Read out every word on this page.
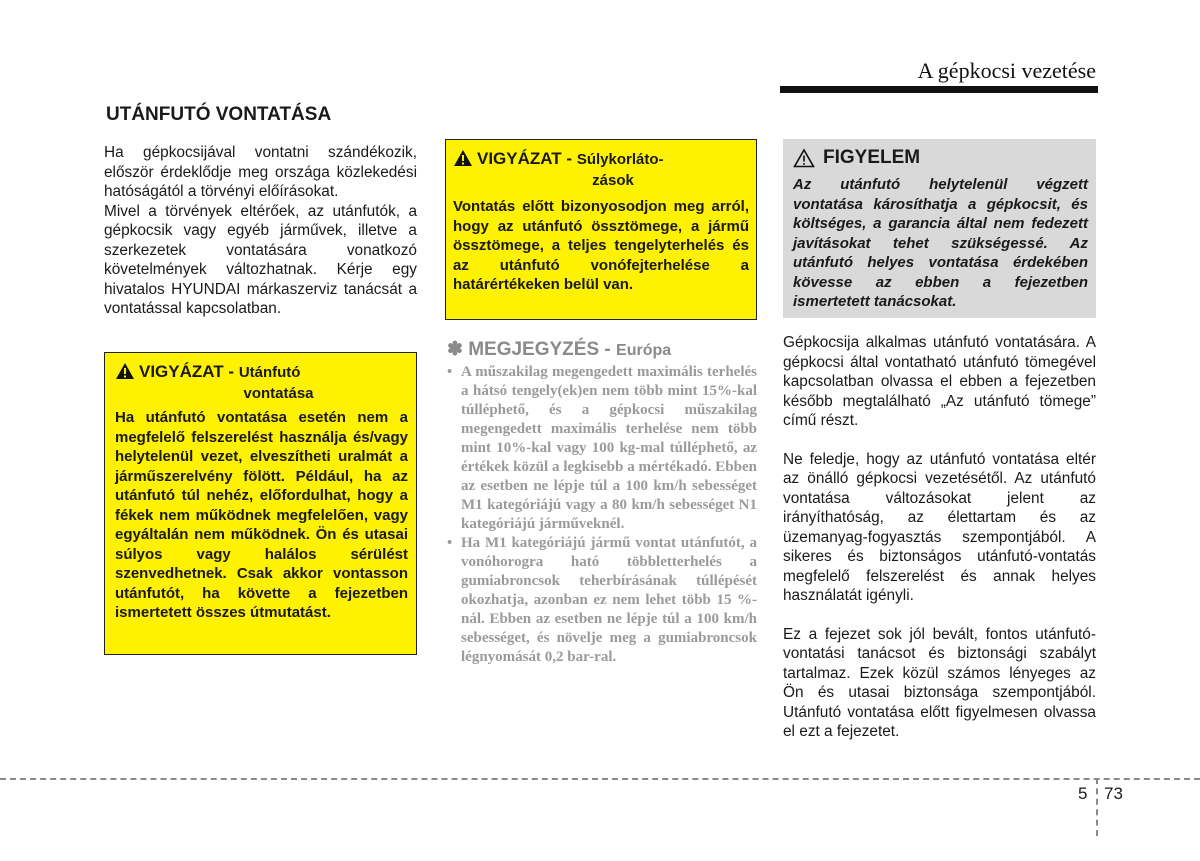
A gépkocsi vezetése
UTÁNFUTÓ VONTATÁSA

Ha gépkocsijával vontatni szándékozik, először érdeklődje meg országa közlekedési hatóságától a törvényi előírásokat.

Mivel a törvények eltérőek, az utánfutók, a gépkocsik vagy egyéb járművek, illetve a szerkezetek vontatására vonatkozó követelmények változhatnak. Kérje egy hivatalos HYUNDAI márkaszerviz tanácsát a vontatással kapcsolatban.

VIGYÁZAT - Utánfutó
vontatása

Ha utánfutó vontatása esetén nem a megfelelő felszerelést használja és/vagy helytelenül vezet, elveszítheti uralmát a járműszerelvény fölött. Például, ha az utánfutó túl nehéz, előfordulhat, hogy a fékek nem működnek megfelelően, vagy egyáltalán nem működnek. Ön és utasai súlyos vagy halálos sérülést szenvedhetnek. Csak akkor vontasson utánfutót, ha követte a fejezetben ismertetett összes útmutatást.

VIGYÁZAT - Súlykorláto-
zások

Vontatás előtt bizonyosodjon meg arról, hogy az utánfutó össztömege, a jármű össztömege, a teljes tengelyterhelés és az utánfutó vonófejterhelése a határértékeken belül van.

✽ MEGJEGYZÉS - Európa
• A műszakilag megengedett maximális terhelés a hátsó tengely(ek)en nem több mint 15%-kal túlléphető, és a gépkocsi műszakilag megengedett maximális terhelése nem több mint 10%-kal vagy 100 kg-mal túlléphető, az értékek közül a legkisebb a mértékadó. Ebben az esetben ne lépje túl a 100 km/h sebességet M1 kategóriájú vagy a 80 km/h sebességet N1 kategóriájú járműveknél.
• Ha M1 kategóriájú jármű vontat utánfutót, a vonóhorogra ható többletterhelés a gumiabroncsok teherbírásának túllépését okozhatja, azonban ez nem lehet több 15 %-nál. Ebben az esetben ne lépje túl a 100 km/h sebességet, és növelje meg a gumiabroncsok légnyomását 0,2 bar-ral.
FIGYELEM

Az utánfutó helytelenül végzett vontatása károsíthatja a gépkocsit, és költséges, a garancia által nem fedezett javításokat tehet szükségessé. Az utánfutó helyes vontatása érdekében kövesse az ebben a fejezetben ismertetett tanácsokat.

Gépkocsija alkalmas utánfutó vontatására. A gépkocsi által vontatható utánfutó tömegével kapcsolatban olvassa el ebben a fejezetben később megtalálható „Az utánfutó tömege” című részt.

Ne feledje, hogy az utánfutó vontatása eltér az önálló gépkocsi vezetésétől. Az utánfutó vontatása változásokat jelent az irányíthatóság, az élettartam és az üzemanyag-fogyasztás szempontjából. A sikeres és biztonságos utánfutó-vontatás megfelelő felszerelést és annak helyes használatát igényli.

Ez a fejezet sok jól bevált, fontos utánfutó-vontatási tanácsot és biztonsági szabályt tartalmaz. Ezek közül számos lényeges az Ön és utasai biztonsága szempontjából. Utánfutó vontatása előtt figyelmesen olvassa el ezt a fejezetet.

5 73
